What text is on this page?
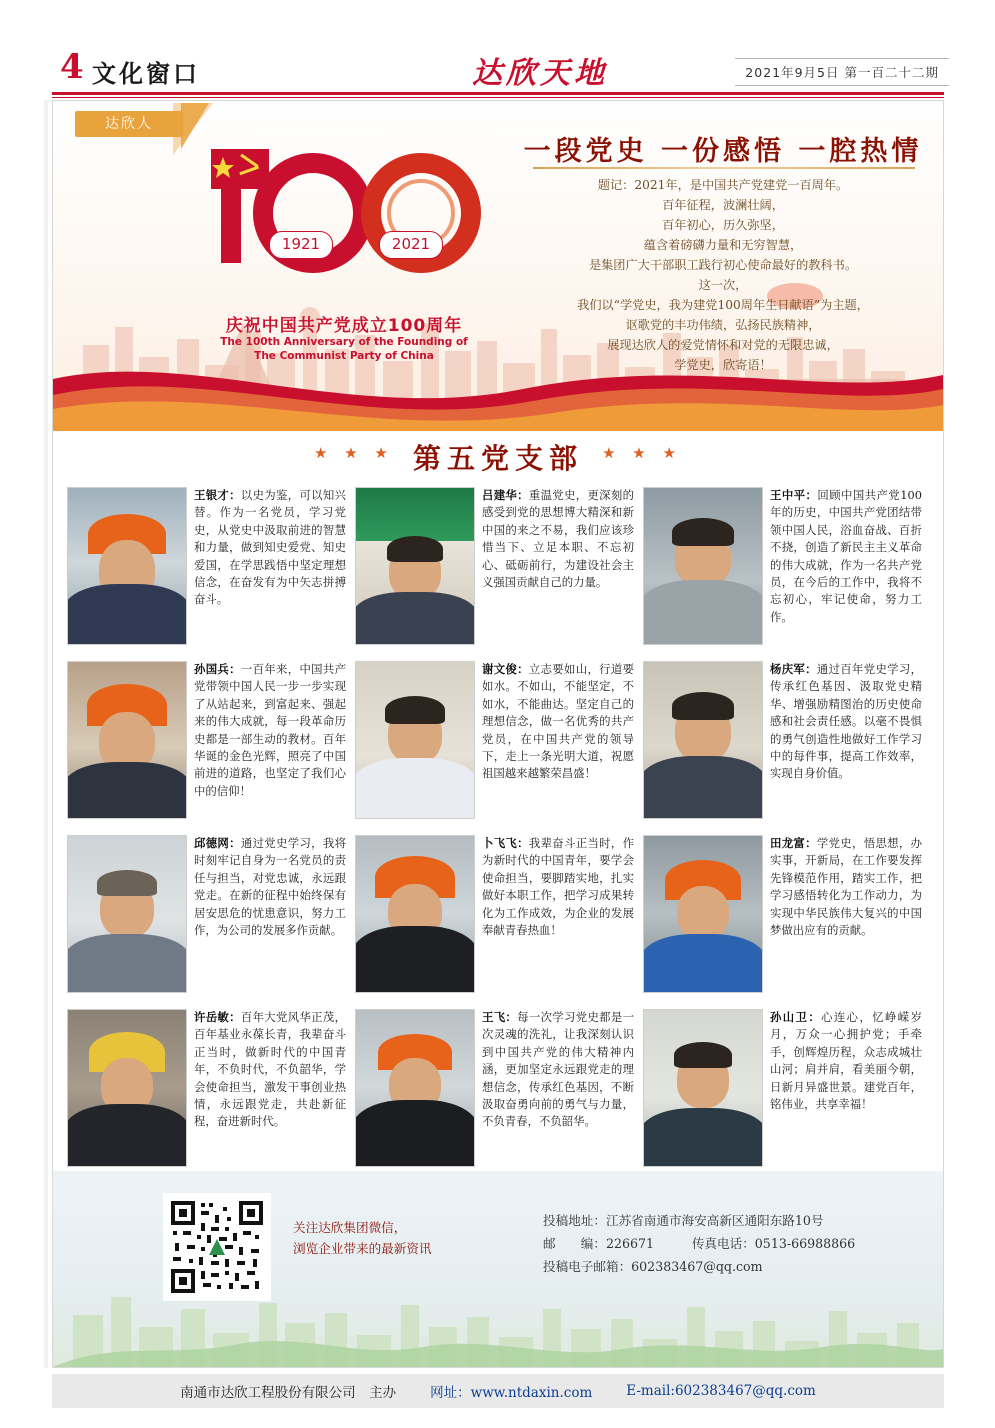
4 文化窗口	达欣天地	2021年9月5日 第一百二十二期
达欣人
1921	2021
庆祝中国共产党成立100周年
The 100th Anniversary of the Founding of
The Communist Party of China
一段党史 一份感悟 一腔热情

题记：2021年，是中国共产党建党一百周年。

百年征程，波澜壮阔，

百年初心，历久弥坚，

蕴含着磅礴力量和无穷智慧，

是集团广大干部职工践行初心使命最好的教科书。

这一次，

我们以“学党史，我为建党100周年生日献语”为主题，

讴歌党的丰功伟绩，弘扬民族精神，

展现达欣人的爱党情怀和对党的无限忠诚，

学党史，欣寄语！

★ ★ ★ 第五党支部 ★ ★ ★
王银才：以史为鉴，可以知兴替。作为一名党员，学习党史，从党史中汲取前进的智慧和力量，做到知史爱党、知史爱国，在学思践悟中坚定理想信念，在奋发有为中矢志拼搏奋斗。
吕建华：重温党史，更深刻的感受到党的思想博大精深和新中国的来之不易，我们应该珍惜当下、立足本职、不忘初心、砥砺前行，为建设社会主义强国贡献自己的力量。
王中平：回顾中国共产党100年的历史，中国共产党团结带领中国人民，浴血奋战、百折不挠，创造了新民主主义革命的伟大成就，作为一名共产党员，在今后的工作中，我将不忘初心，牢记使命，努力工作。
孙国兵：一百年来，中国共产党带领中国人民一步一步实现了从站起来，到富起来、强起来的伟大成就，每一段革命历史都是一部生动的教材。百年华诞的金色光辉，照亮了中国前进的道路，也坚定了我们心中的信仰！
谢文俊：立志要如山，行道要如水。不如山，不能坚定，不如水，不能曲达。坚定自己的理想信念，做一名优秀的共产党员，在中国共产党的领导下，走上一条光明大道，祝愿祖国越来越繁荣昌盛！
杨庆军：通过百年党史学习，传承红色基因、汲取党史精华、增强励精图治的历史使命感和社会责任感。以毫不畏惧的勇气创造性地做好工作学习中的每件事，提高工作效率，实现自身价值。
邱德网：通过党史学习，我将时刻牢记自身为一名党员的责任与担当，对党忠诚，永远跟党走。在新的征程中始终保有居安思危的忧患意识，努力工作，为公司的发展多作贡献。
卜飞飞：我辈奋斗正当时，作为新时代的中国青年，要学会使命担当，要脚踏实地，扎实做好本职工作，把学习成果转化为工作成效，为企业的发展奉献青春热血！
田龙富：学党史，悟思想，办实事，开新局，在工作要发挥先锋模范作用，踏实工作，把学习感悟转化为工作动力，为实现中华民族伟大复兴的中国梦做出应有的贡献。
许岳敏：百年大党风华正茂，百年基业永葆长青，我辈奋斗正当时，做新时代的中国青年，不负时代，不负韶华，学会使命担当，激发干事创业热情，永远跟党走，共赴新征程，奋进新时代。
王飞：每一次学习党史都是一次灵魂的洗礼，让我深刻认识到中国共产党的伟大精神内涵，更加坚定永远跟党走的理想信念，传承红色基因，不断汲取奋勇向前的勇气与力量，不负青春，不负韶华。
孙山卫：心连心，忆峥嵘岁月，万众一心拥护党；手牵手，创辉煌历程，众志成城壮山河；肩并肩，看美丽今朝，日新月异盛世景。建党百年，铭伟业，共享幸福！
关注达欣集团微信，
浏览企业带来的最新资讯
投稿地址：江苏省南通市海安高新区通阳东路10号
邮　　编：226671　　　传真电话：0513-66988866
投稿电子邮箱：602383467@qq.com
南通市达欣工程股份有限公司　主办	网址：www.ntdaxin.com	E-mail:602383467@qq.com
